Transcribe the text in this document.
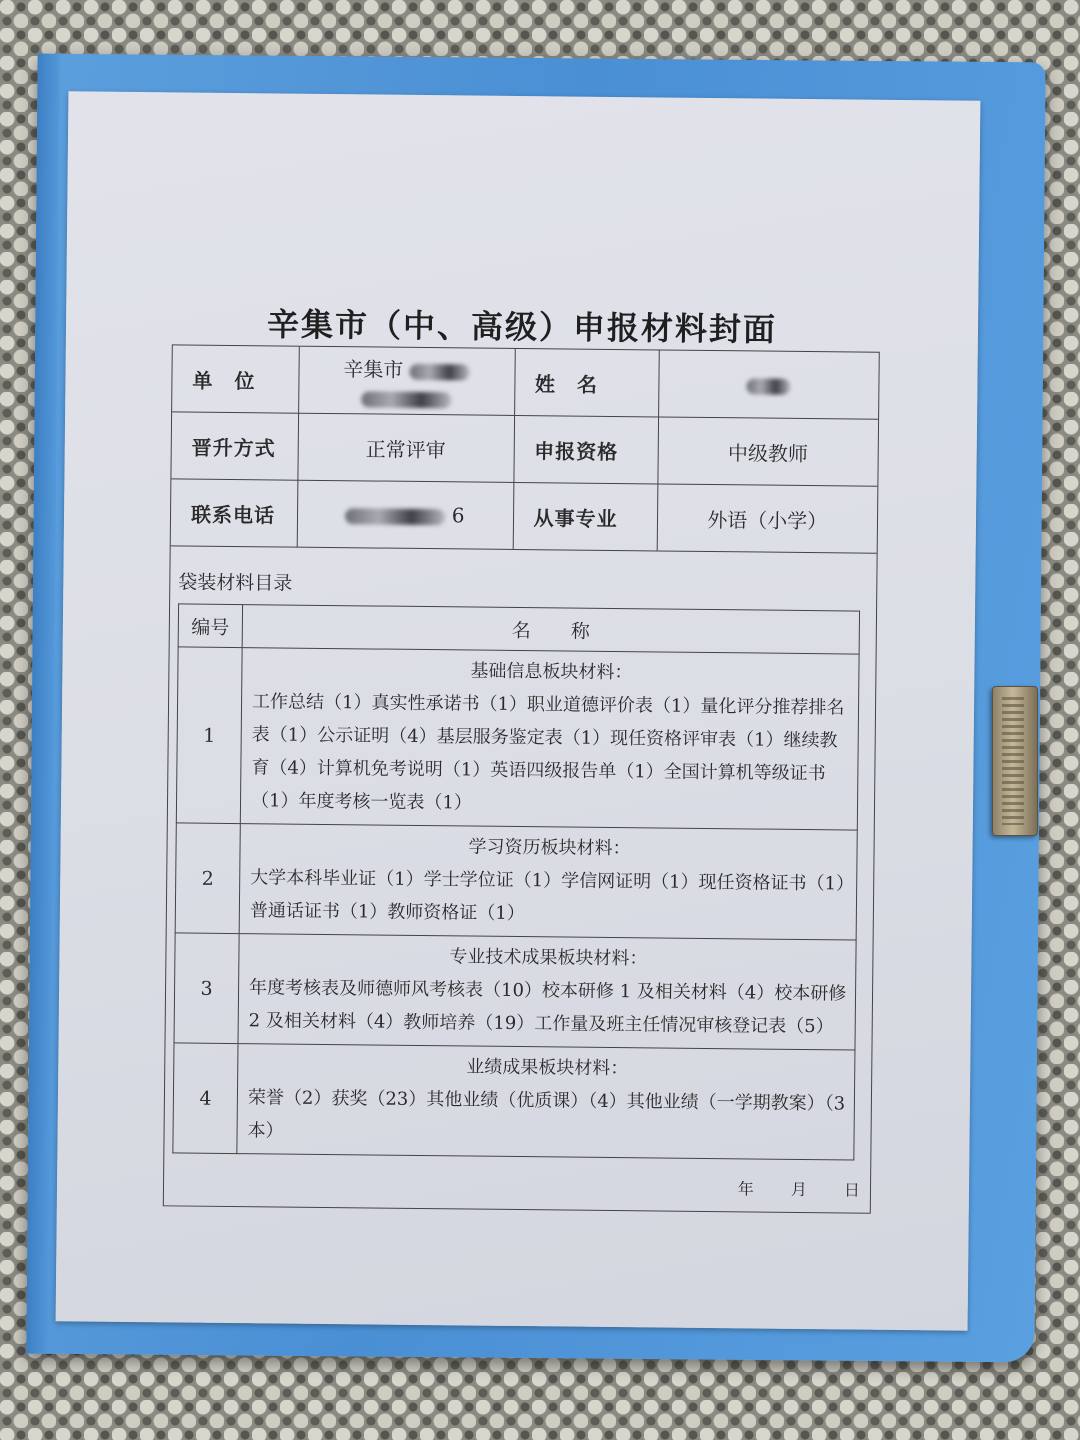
辛集市（中、高级）申报材料封面
单　位	辛集市	姓　名	
晋升方式	正常评审	申报资格	中级教师
联系电话	6	从事专业	外语（小学）
袋装材料目录
编号	名称
1	基础信息板块材料：
工作总结（1）真实性承诺书（1）职业道德评价表（1）量化评分推荐排名表（1）公示证明（4）基层服务鉴定表（1）现任资格评审表（1）继续教育（4）计算机免考说明（1）英语四级报告单（1）全国计算机等级证书（1）年度考核一览表（1）

2	学习资历板块材料：
大学本科毕业证（1）学士学位证（1）学信网证明（1）现任资格证书（1）普通话证书（1）教师资格证（1）

3	专业技术成果板块材料：
年度考核表及师德师风考核表（10）校本研修 1 及相关材料（4）校本研修 2 及相关材料（4）教师培养（19）工作量及班主任情况审核登记表（5）

4	业绩成果板块材料：
荣誉（2）获奖（23）其他业绩（优质课）（4）其他业绩（一学期教案）（3 本）
年 月 日
